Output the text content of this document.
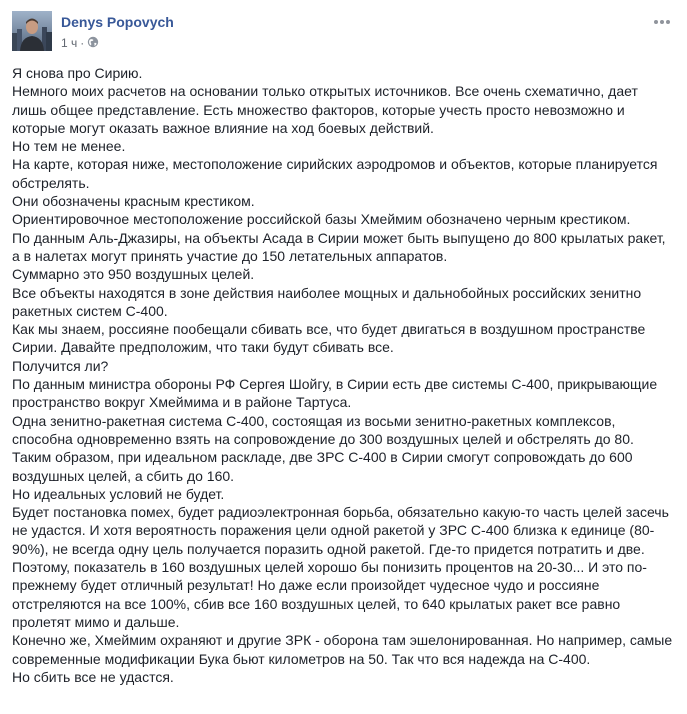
Denys Popovych
1 ч ·

Я снова про Сирию.

Немного моих расчетов на основании только открытых источников. Все очень схематично, дает лишь общее представление. Есть множество факторов, которые учесть просто невозможно и которые могут оказать важное влияние на ход боевых действий.

Но тем не менее.

На карте, которая ниже, местоположение сирийских аэродромов и объектов, которые планируется обстрелять.

Они обозначены красным крестиком.

Ориентировочное местоположение российской базы Хмеймим обозначено черным крестиком.

По данным Аль-Джазиры, на объекты Асада в Сирии может быть выпущено до 800 крылатых ракет, а в налетах могут принять участие до 150 летательных аппаратов.

Суммарно это 950 воздушных целей.

Все объекты находятся в зоне действия наиболее мощных и дальнобойных российских зенитно ракетных систем С-400.

Как мы знаем, россияне пообещали сбивать все, что будет двигаться в воздушном пространстве Сирии. Давайте предположим, что таки будут сбивать все.

Получится ли?

По данным министра обороны РФ Сергея Шойгу, в Сирии есть две системы С-400, прикрывающие пространство вокруг Хмеймима и в районе Тартуса.

Одна зенитно-ракетная система С-400, состоящая из восьми зенитно-ракетных комплексов, способна одновременно взять на сопровождение до 300 воздушных целей и обстрелять до 80.

Таким образом, при идеальном раскладе, две ЗРС С-400 в Сирии смогут сопровождать до 600 воздушных целей, а сбить до 160.

Но идеальных условий не будет.

Будет постановка помех, будет радиоэлектронная борьба, обязательно какую-то часть целей засечь не удастся. И хотя вероятность поражения цели одной ракетой у ЗРС С-400 близка к единице (80-90%), не всегда одну цель получается поразить одной ракетой. Где-то придется потратить и две.

Поэтому, показатель в 160 воздушных целей хорошо бы понизить процентов на 20-30... И это по-прежнему будет отличный результат! Но даже если произойдет чудесное чудо и россияне отстреляются на все 100%, сбив все 160 воздушных целей, то 640 крылатых ракет все равно пролетят мимо и дальше.

Конечно же, Хмеймим охраняют и другие ЗРК - оборона там эшелонированная. Но например, самые современные модификации Бука бьют километров на 50. Так что вся надежда на С-400.

Но сбить все не удастся.
